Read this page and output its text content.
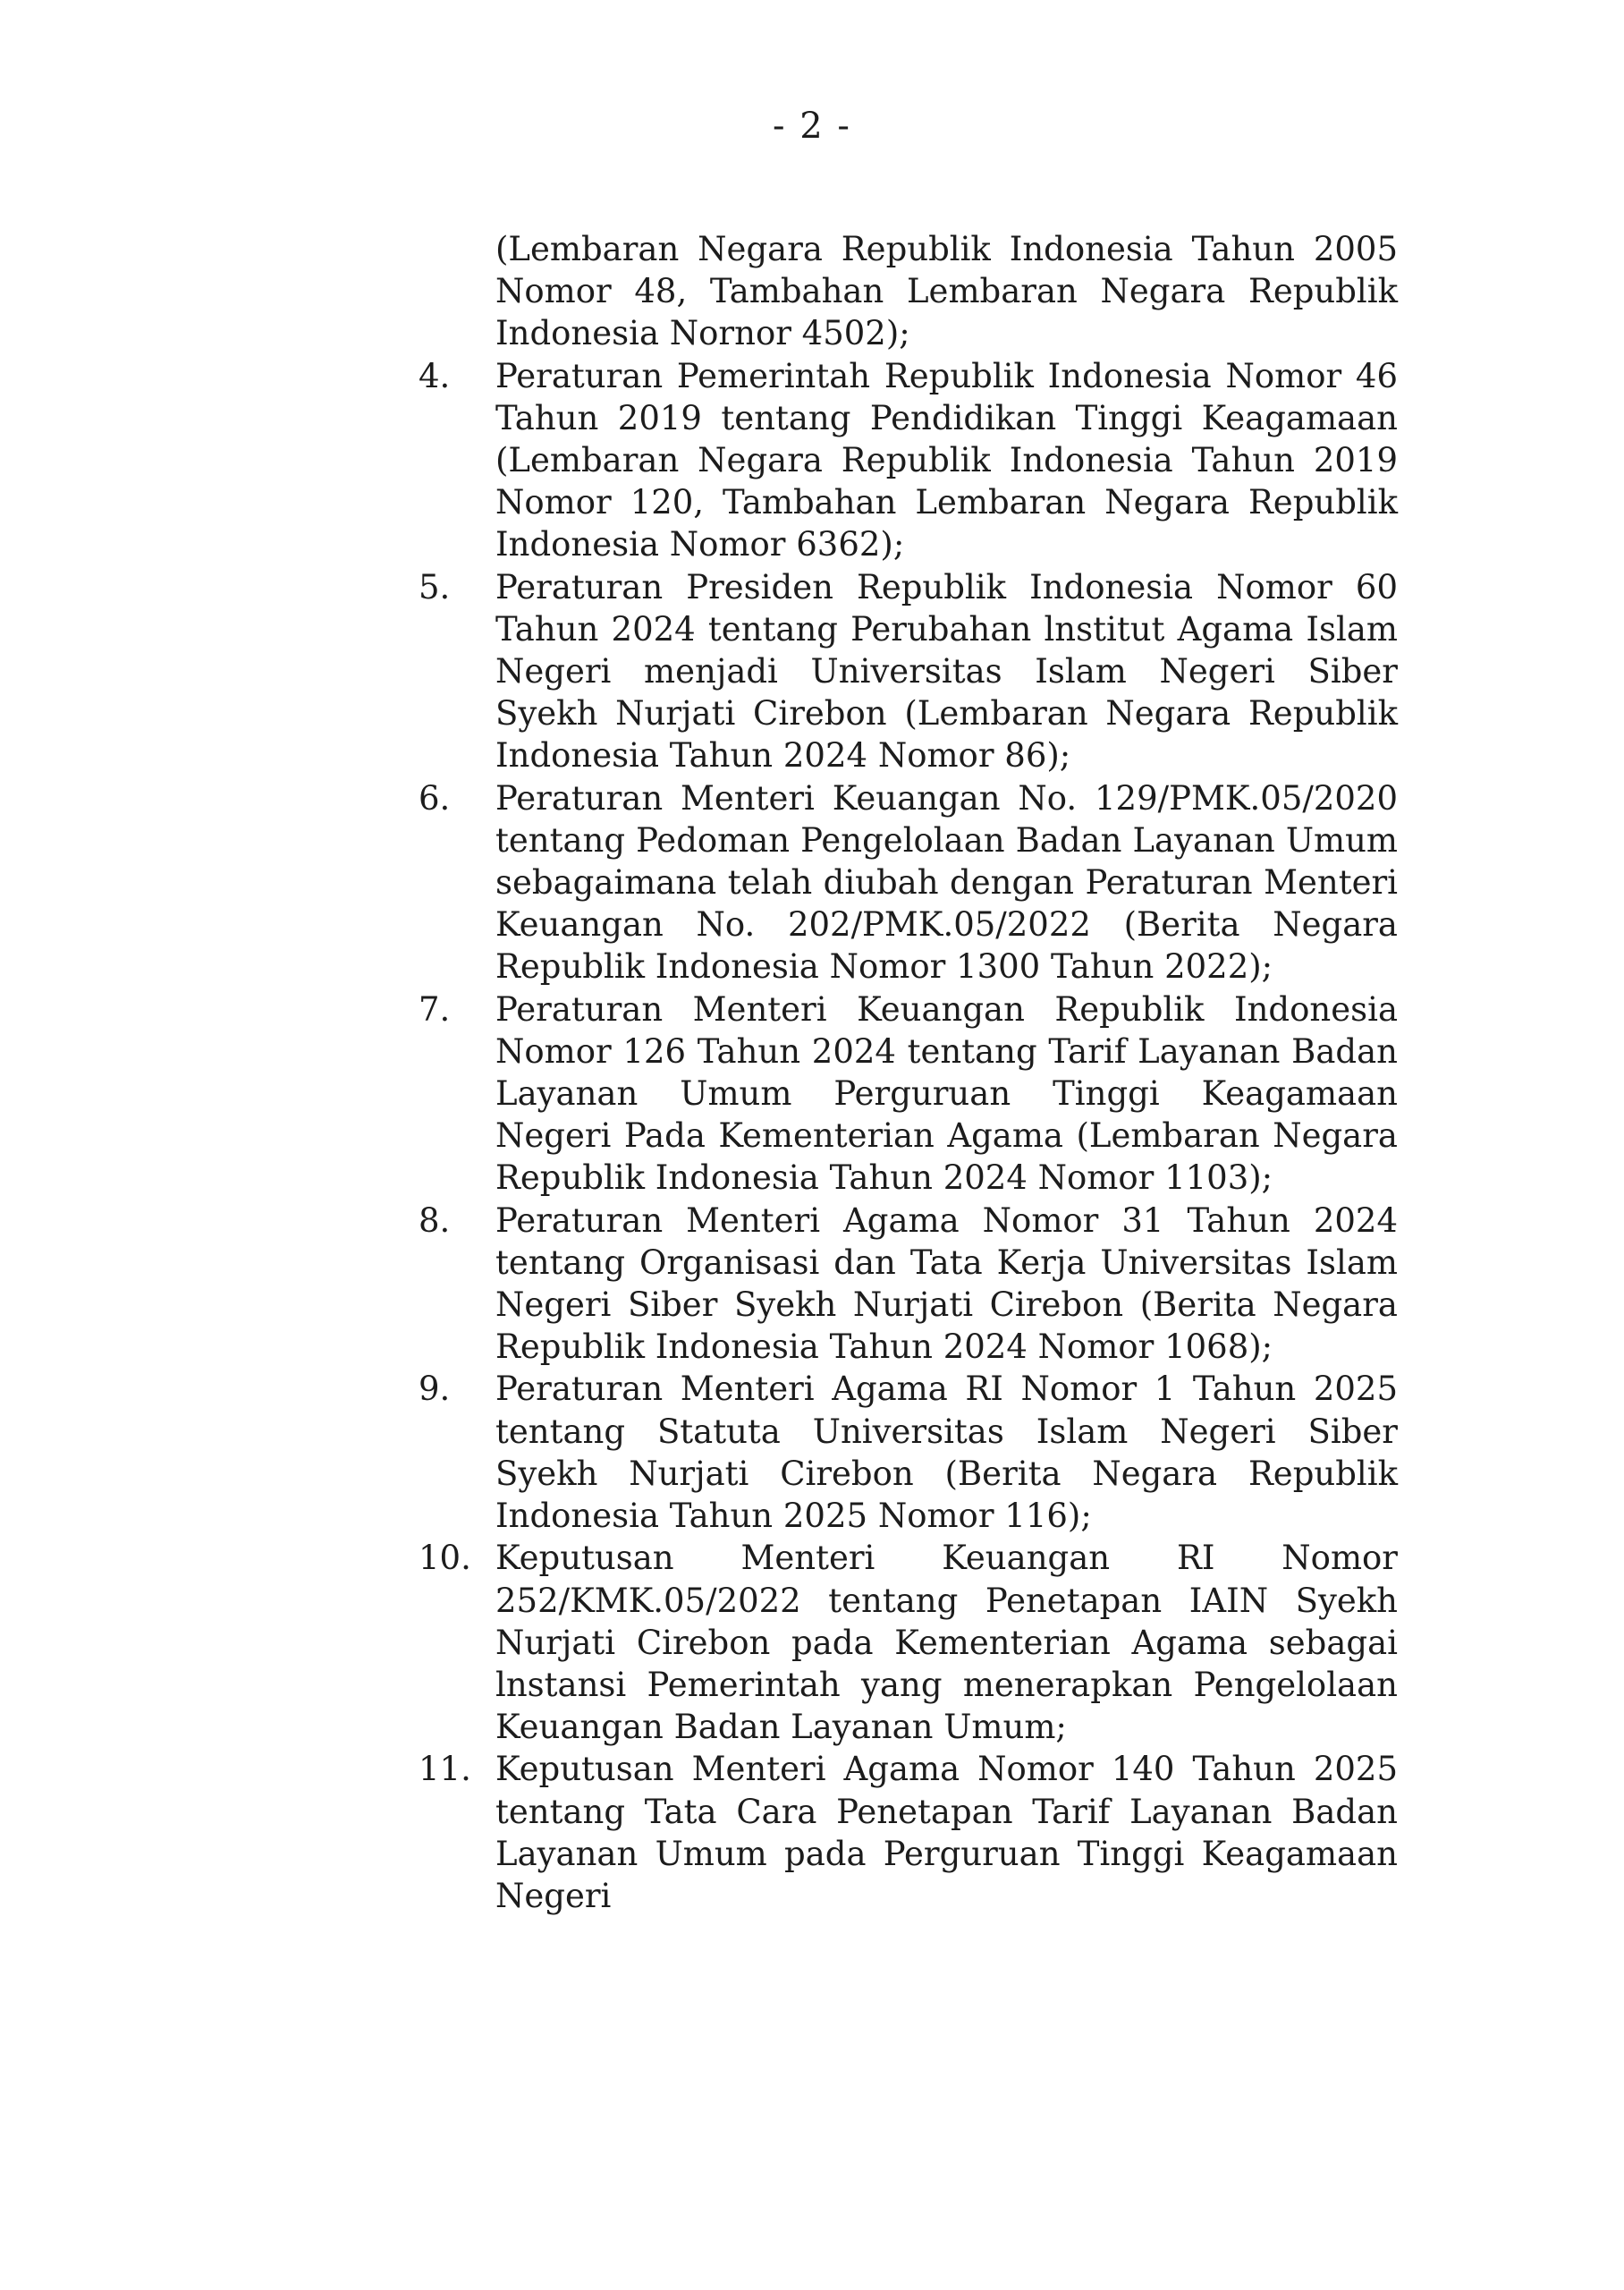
- 2 -
(Lembaran Negara Republik Indonesia Tahun 2005 Nomor 48, Tambahan Lembaran Negara Republik Indonesia Nornor 4502);
4.	Peraturan Pemerintah Republik Indonesia Nomor 46 Tahun 2019 tentang Pendidikan Tinggi Keagamaan (Lembaran Negara Republik Indonesia Tahun 2019 Nomor 120, Tambahan Lembaran Negara Republik Indonesia Nomor 6362);
5.	Peraturan Presiden Republik Indonesia Nomor 60 Tahun 2024 tentang Perubahan lnstitut Agama Islam Negeri menjadi Universitas Islam Negeri Siber Syekh Nurjati Cirebon (Lembaran Negara Republik Indonesia Tahun 2024 Nomor 86);
6.	Peraturan Menteri Keuangan No. 129/PMK.05/2020 tentang Pedoman Pengelolaan Badan Layanan Umum sebagaimana telah diubah dengan Peraturan Menteri Keuangan No. 202/PMK.05/2022 (Berita Negara Republik Indonesia Nomor 1300 Tahun 2022);
7.	Peraturan Menteri Keuangan Republik Indonesia Nomor 126 Tahun 2024 tentang Tarif Layanan Badan Layanan Umum Perguruan Tinggi Keagamaan Negeri Pada Kementerian Agama (Lembaran Negara Republik Indonesia Tahun 2024 Nomor 1103);
8.	Peraturan Menteri Agama Nomor 31 Tahun 2024 tentang Organisasi dan Tata Kerja Universitas Islam Negeri Siber Syekh Nurjati Cirebon (Berita Negara Republik Indonesia Tahun 2024 Nomor 1068);
9.	Peraturan Menteri Agama RI Nomor 1 Tahun 2025 tentang Statuta Universitas Islam Negeri Siber Syekh Nurjati Cirebon (Berita Negara Republik Indonesia Tahun 2025 Nomor 116);
10. Keputusan Menteri Keuangan RI Nomor 252/KMK.05/2022 tentang Penetapan IAIN Syekh Nurjati Cirebon pada Kementerian Agama sebagai lnstansi Pemerintah yang menerapkan Pengelolaan Keuangan Badan Layanan Umum;
11. Keputusan Menteri Agama Nomor 140 Tahun 2025 tentang Tata Cara Penetapan Tarif Layanan Badan Layanan Umum pada Perguruan Tinggi Keagamaan Negeri
